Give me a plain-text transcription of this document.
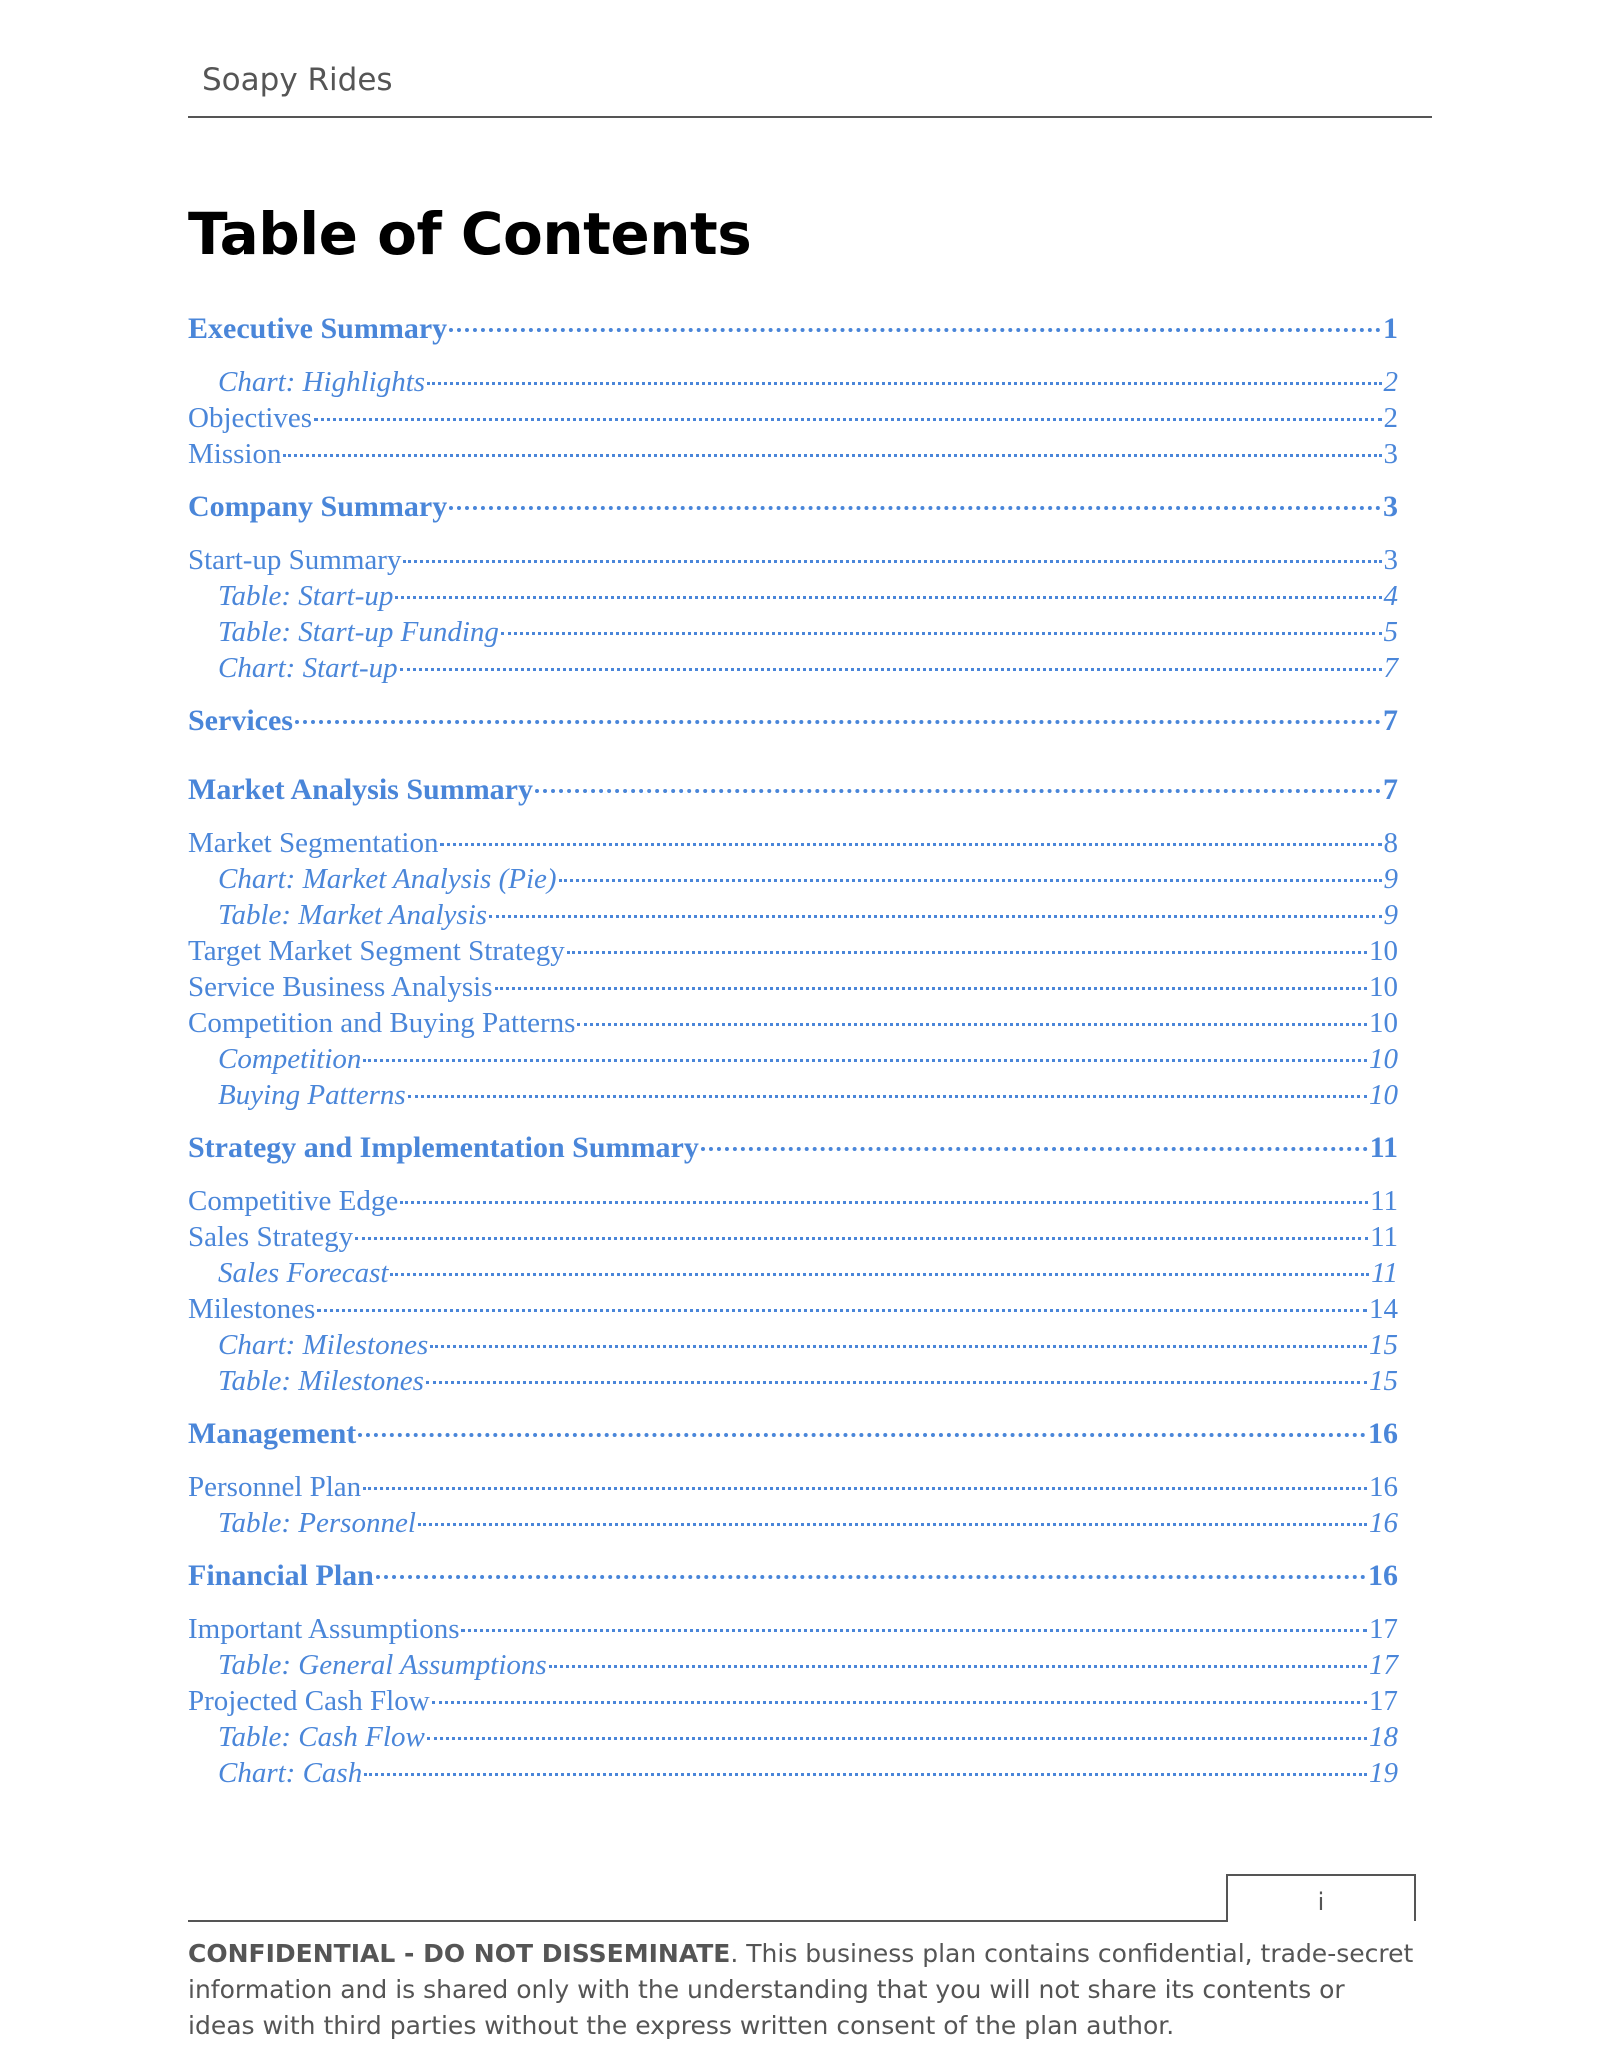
Soapy Rides
Table of Contents
Executive Summary	1
Chart: Highlights	2
Objectives	2
Mission	3
Company Summary	3
Start-up Summary	3
Table: Start-up	4
Table: Start-up Funding	5
Chart: Start-up	7
Services	7
Market Analysis Summary	7
Market Segmentation	8
Chart: Market Analysis (Pie)	9
Table: Market Analysis	9
Target Market Segment Strategy	10
Service Business Analysis	10
Competition and Buying Patterns	10
Competition	10
Buying Patterns	10
Strategy and Implementation Summary	11
Competitive Edge	11
Sales Strategy	11
Sales Forecast	11
Milestones	14
Chart: Milestones	15
Table: Milestones	15
Management	16
Personnel Plan	16
Table: Personnel	16
Financial Plan	16
Important Assumptions	17
Table: General Assumptions	17
Projected Cash Flow	17
Table: Cash Flow	18
Chart: Cash	19
i

CONFIDENTIAL - DO NOT DISSEMINATE. This business plan contains confidential, trade-secret information and is shared only with the understanding that you will not share its contents or ideas with third parties without the express written consent of the plan author.
